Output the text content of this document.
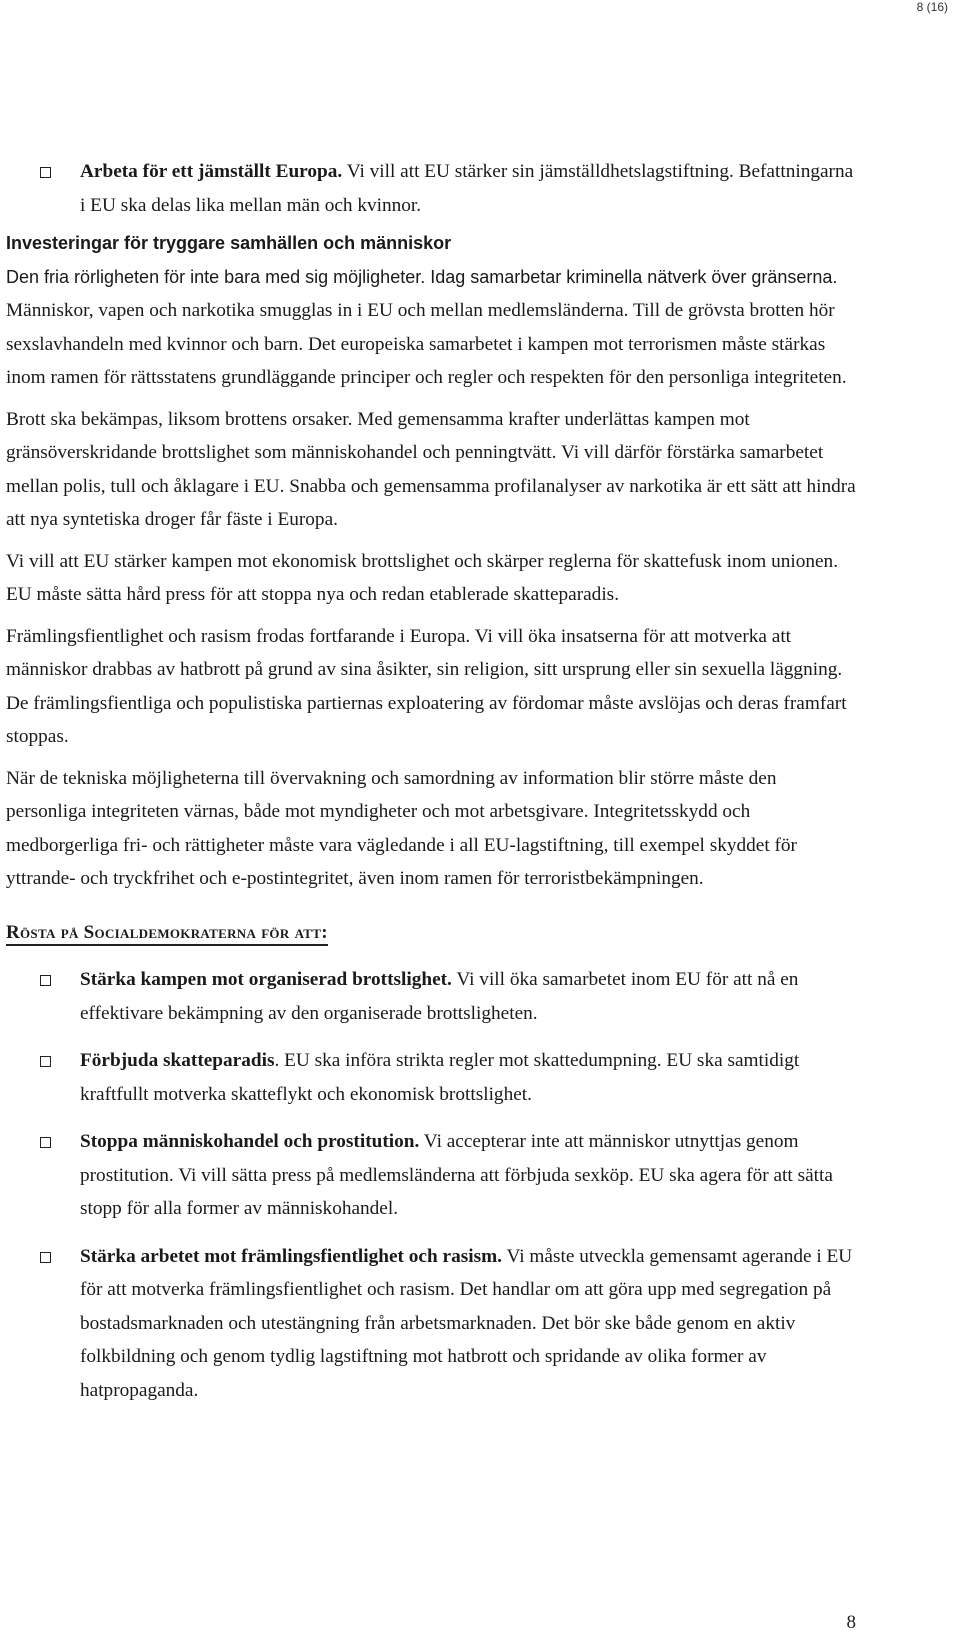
8 (16)
Arbeta för ett jämställt Europa. Vi vill att EU stärker sin jämställdhetslagstiftning. Befattningarna i EU ska delas lika mellan män och kvinnor.
Investeringar för tryggare samhällen och människor

Den fria rörligheten för inte bara med sig möjligheter. Idag samarbetar kriminella nätverk över gränserna. Människor, vapen och narkotika smugglas in i EU och mellan medlemsländerna. Till de grövsta brotten hör sexslavhandeln med kvinnor och barn. Det europeiska samarbetet i kampen mot terrorismen måste stärkas inom ramen för rättsstatens grundläggande principer och regler och respekten för den personliga integriteten.

Brott ska bekämpas, liksom brottens orsaker. Med gemensamma krafter underlättas kampen mot gränsöverskridande brottslighet som människohandel och penningtvätt. Vi vill därför förstärka samarbetet mellan polis, tull och åklagare i EU. Snabba och gemensamma profilanalyser av narkotika är ett sätt att hindra att nya syntetiska droger får fäste i Europa.

Vi vill att EU stärker kampen mot ekonomisk brottslighet och skärper reglerna för skattefusk inom unionen. EU måste sätta hård press för att stoppa nya och redan etablerade skatteparadis.

Främlingsfientlighet och rasism frodas fortfarande i Europa. Vi vill öka insatserna för att motverka att människor drabbas av hatbrott på grund av sina åsikter, sin religion, sitt ursprung eller sin sexuella läggning. De främlingsfientliga och populistiska partiernas exploatering av fördomar måste avslöjas och deras framfart stoppas.

När de tekniska möjligheterna till övervakning och samordning av information blir större måste den personliga integriteten värnas, både mot myndigheter och mot arbetsgivare. Integritetsskydd och medborgerliga fri- och rättigheter måste vara vägledande i all EU-lagstiftning, till exempel skyddet för yttrande- och tryckfrihet och e-postintegritet, även inom ramen för terroristbekämpningen.

Rösta på Socialdemokraterna för att:
Stärka kampen mot organiserad brottslighet. Vi vill öka samarbetet inom EU för att nå en effektivare bekämpning av den organiserade brottsligheten.
Förbjuda skatteparadis. EU ska införa strikta regler mot skattedumpning. EU ska samtidigt kraftfullt motverka skatteflykt och ekonomisk brottslighet.
Stoppa människohandel och prostitution. Vi accepterar inte att människor utnyttjas genom prostitution. Vi vill sätta press på medlemsländerna att förbjuda sexköp. EU ska agera för att sätta stopp för alla former av människohandel.
Stärka arbetet mot främlingsfientlighet och rasism. Vi måste utveckla gemensamt agerande i EU för att motverka främlingsfientlighet och rasism. Det handlar om att göra upp med segregation på bostadsmarknaden och utestängning från arbetsmarknaden. Det bör ske både genom en aktiv folkbildning och genom tydlig lagstiftning mot hatbrott och spridande av olika former av hatpropaganda.
8
